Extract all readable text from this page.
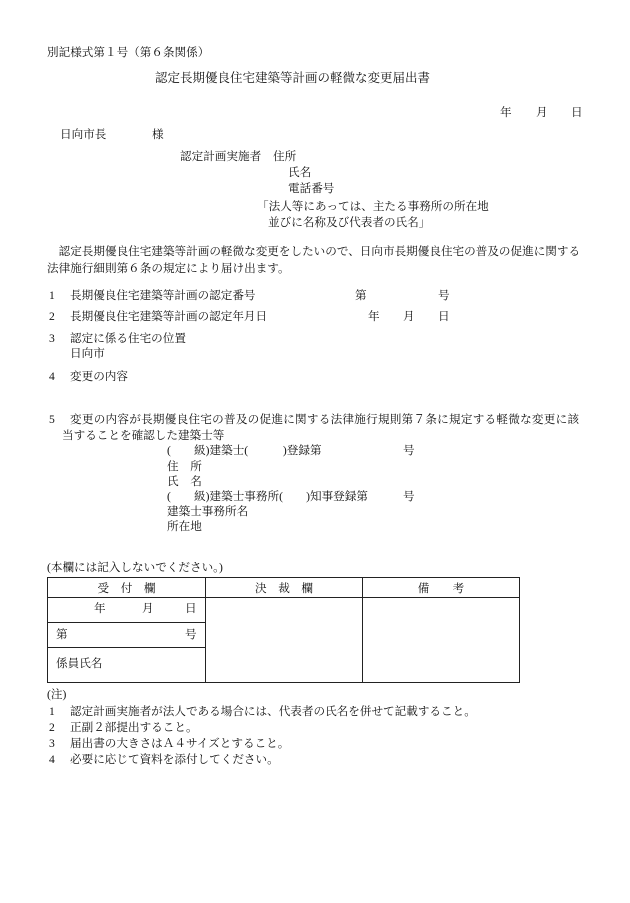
別記様式第１号（第６条関係）
認定長期優良住宅建築等計画の軽微な変更届出書
年 月 日
日向市長	様
認定計画実施者 住所
氏名
電話番号
「法人等にあっては、主たる事務所の所在地
並びに名称及び代表者の氏名」
　認定長期優良住宅建築等計画の軽微な変更をしたいので、日向市長期優良住宅の普及の促進に関する
法律施行細則第６条の規定により届け出ます。
1 長期優良住宅建築等計画の認定番号	第	号
2 長期優良住宅建築等計画の認定年月日	年 月 日
3 認定に係る住宅の位置
日向市
4 変更の内容
5 変更の内容が長期優良住宅の普及の促進に関する法律施行規則第７条に規定する軽微な変更に該
当することを確認した建築士等
(　　級)建築士(　　　)登録第	号
住　所
氏　名
(　　級)建築士事務所(　　)知事登録第	号
建築士事務所名
所在地
(本欄には記入しないでください。)
受　付　欄	決　裁　欄	備　　考
年	月	日
第	号
係員氏名
(注)
1 認定計画実施者が法人である場合には、代表者の氏名を併せて記載すること。
2 正副２部提出すること。
3 届出書の大きさはＡ４サイズとすること。
4 必要に応じて資料を添付してください。
